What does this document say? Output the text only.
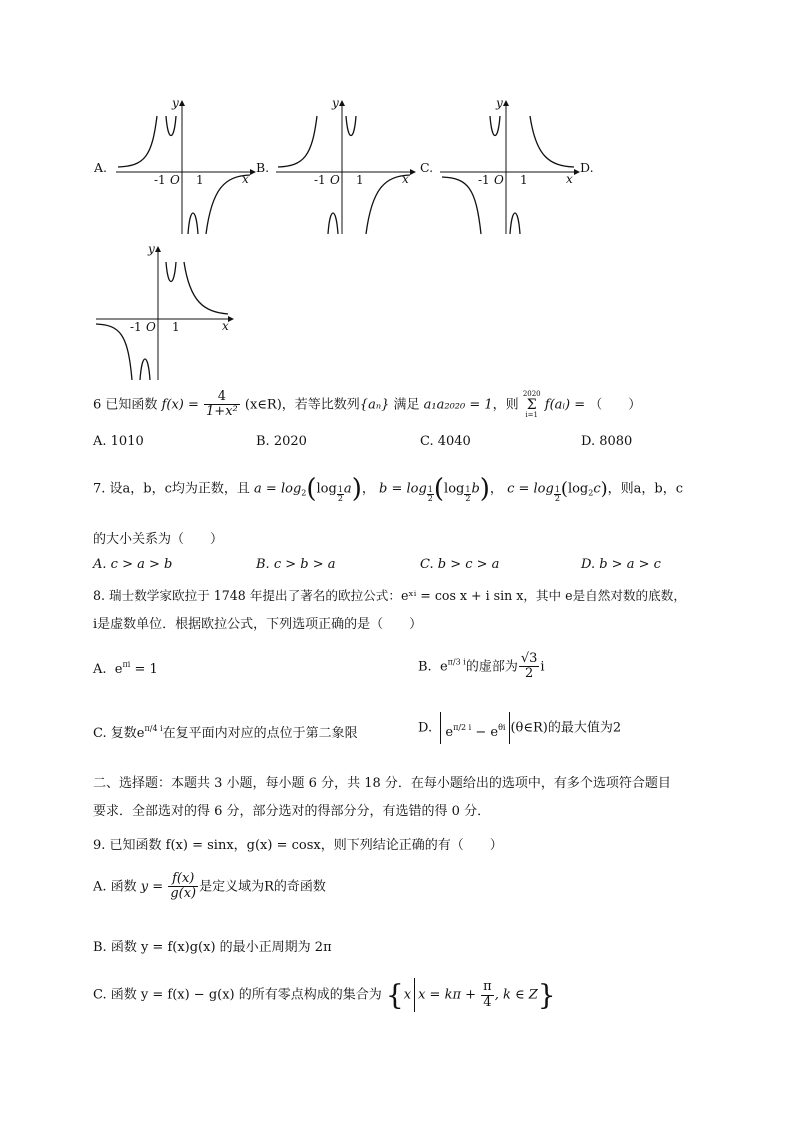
A.
y
x
-1 O 1
B.
y
x
-1 O 1
C.
y
x
-1 O 1
D.
y
x
-1 O 1
6 已知函数 $f(x) = \frac{4}{\text{1+x²}}$ (x∈R)，若等比数列{aₙ} 满足 a₁a₂₀₂₀ = 1，则
2020
Σ
i=1
f(aᵢ) = （　　）
A. 1010	B. 2020	C. 4040	D. 8080
7. 设a，b，c均为正数，且 $a = \log_2(\log \frac{1}{2} a)$， $b = \log \frac{1}{2} (\log \frac{1}{2} b)$， $c = \log \frac{1}{2} (\log_2c)$，则a，b，c
的大小关系为（　　）
A. c > a > b	B. c > b > a	C. b > c > a	D. b > a > c
8. 瑞士数学家欧拉于 1748 年提出了著名的欧拉公式：eˣⁱ = cos x + i sin x，其中 e是自然对数的底数，
i是虚数单位．根据欧拉公式，下列选项正确的是（　　）
A. $e^{\pi i} = 1$	B. $e^{\pi/3 i}$的虚部为 $\frac{√3}{2}$ i
C. 复数$e^{\pi/4 i}$在复平面内对应的点位于第二象限	D. $e^{\pi/2 i} - e^{\theta i}$ (θ∈R)的最大值为2
二、选择题：本题共 3 小题，每小题 6 分，共 18 分．在每小题给出的选项中，有多个选项符合题目
要求．全部选对的得 6 分，部分选对的得部分分，有选错的得 0 分．
9. 已知函数 f(x) = sinx，g(x) = cosx，则下列结论正确的有（　　）
A. 函数 $y = \frac{f(x)}{g(x)}$ 是定义域为R的奇函数
B. 函数 y = f(x)g(x) 的最小正周期为 2π
C. 函数 y = f(x) − g(x) 的所有零点构成的集合为 {x $x = k\pi + \frac{\pi}{4}$ , k ∈ Z}
